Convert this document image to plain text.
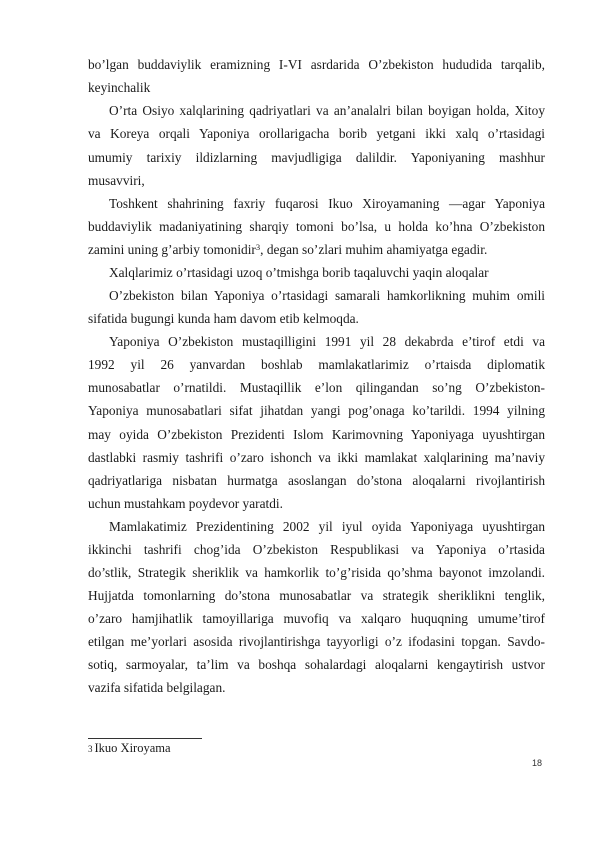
bo’lgan buddaviylik eramizning I-VI asrdarida O’zbekiston hududida tarqalib,
keyinchalik
O’rta Osiyo xalqlarining qadriyatlari va an’analalri bilan boyigan holda, Xitoy
va Koreya orqali Yaponiya orollarigacha borib yetgani ikki xalq o’rtasidagi
umumiy tarixiy ildizlarning mavjudligiga dalildir. Yaponiyaning mashhur
musavviri,
Toshkent shahrining faxriy fuqarosi Ikuo Xiroyamaning —agar Yaponiya
buddaviylik madaniyatining sharqiy tomoni bo’lsa, u holda ko’hna O’zbekiston
zamini uning g’arbiy tomonidir$^3$, degan so’zlari muhim ahamiyatga egadir.
Xalqlarimiz o’rtasidagi uzoq o’tmishga borib taqaluvchi yaqin aloqalar
O’zbekiston bilan Yaponiya o’rtasidagi samarali hamkorlikning muhim omili
sifatida bugungi kunda ham davom etib kelmoqda.
Yaponiya O’zbekiston mustaqilligini 1991 yil 28 dekabrda e’tirof etdi va
1992 yil 26 yanvardan boshlab mamlakatlarimiz o’rtaisda diplomatik
munosabatlar o’rnatildi. Mustaqillik e’lon qilingandan so’ng O’zbekiston-
Yaponiya munosabatlari sifat jihatdan yangi pog’onaga ko’tarildi. 1994 yilning
may oyida O’zbekiston Prezidenti Islom Karimovning Yaponiyaga uyushtirgan
dastlabki rasmiy tashrifi o’zaro ishonch va ikki mamlakat xalqlarining ma’naviy
qadriyatlariga nisbatan hurmatga asoslangan do’stona aloqalarni rivojlantirish
uchun mustahkam poydevor yaratdi.
Mamlakatimiz Prezidentining 2002 yil iyul oyida Yaponiyaga uyushtirgan
ikkinchi tashrifi chog’ida O’zbekiston Respublikasi va Yaponiya o’rtasida
do’stlik, Strategik sheriklik va hamkorlik to’g’risida qo’shma bayonot imzolandi.
Hujjatda tomonlarning do’stona munosabatlar va strategik sheriklikni tenglik,
o’zaro hamjihatlik tamoyillariga muvofiq va xalqaro huquqning umume’tirof
etilgan me’yorlari asosida rivojlantirishga tayyorligi o’z ifodasini topgan. Savdo-
sotiq, sarmoyalar, ta’lim va boshqa sohalardagi aloqalarni kengaytirish ustvor
vazifa sifatida belgilagan.
3 Ikuo Xiroyama
18
